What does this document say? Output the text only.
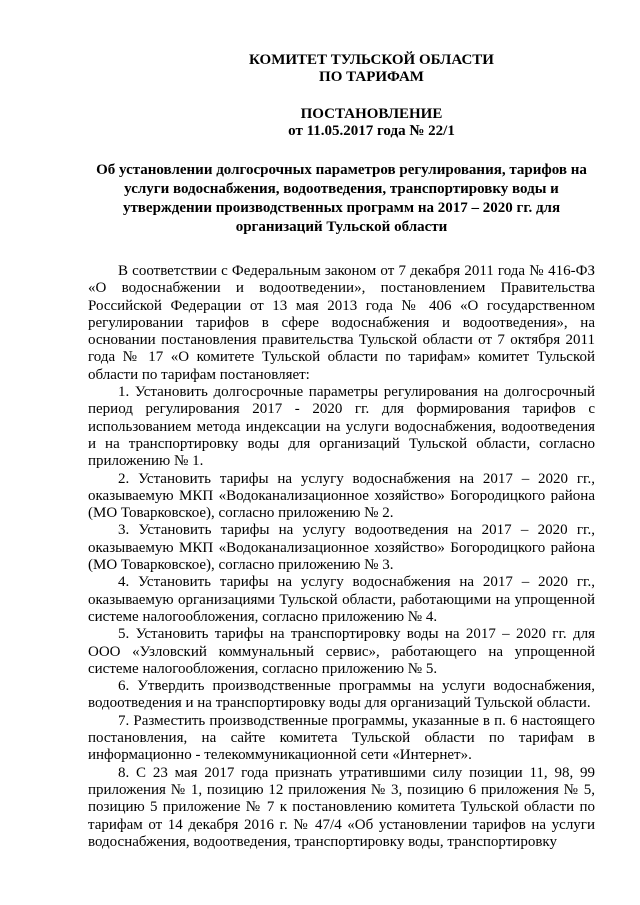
КОМИТЕТ ТУЛЬСКОЙ ОБЛАСТИ
ПО ТАРИФАМ
ПОСТАНОВЛЕНИЕ
от 11.05.2017 года № 22/1
Об установлении долгосрочных параметров регулирования, тарифов на услуги водоснабжения, водоотведения, транспортировку воды и утверждении производственных программ на 2017 – 2020 гг. для организаций Тульской области

В соответствии с Федеральным законом от 7 декабря 2011 года № 416-ФЗ «О водоснабжении и водоотведении», постановлением Правительства Российской Федерации от 13 мая 2013 года № 406 «О государственном регулировании тарифов в сфере водоснабжения и водоотведения», на основании постановления правительства Тульской области от 7 октября 2011 года № 17 «О комитете Тульской области по тарифам» комитет Тульской области по тарифам постановляет:

1. Установить долгосрочные параметры регулирования на долгосрочный период регулирования 2017 - 2020 гг. для формирования тарифов с использованием метода индексации на услуги водоснабжения, водоотведения и на транспортировку воды для организаций Тульской области, согласно приложению № 1.

2. Установить тарифы на услугу водоснабжения на 2017 – 2020 гг., оказываемую МКП «Водоканализационное хозяйство» Богородицкого района (МО Товарковское), согласно приложению № 2.

3. Установить тарифы на услугу водоотведения на 2017 – 2020 гг., оказываемую МКП «Водоканализационное хозяйство» Богородицкого района (МО Товарковское), согласно приложению № 3.

4. Установить тарифы на услугу водоснабжения на 2017 – 2020 гг., оказываемую организациями Тульской области, работающими на упрощенной системе налогообложения, согласно приложению № 4.

5. Установить тарифы на транспортировку воды на 2017 – 2020 гг. для ООО «Узловский коммунальный сервис», работающего на упрощенной системе налогообложения, согласно приложению № 5.

6. Утвердить производственные программы на услуги водоснабжения, водоотведения и на транспортировку воды для организаций Тульской области.

7. Разместить производственные программы, указанные в п. 6 настоящего постановления, на сайте комитета Тульской области по тарифам в информационно - телекоммуникационной сети «Интернет».

8. С 23 мая 2017 года признать утратившими силу позиции 11, 98, 99 приложения № 1, позицию 12 приложения № 3, позицию 6 приложения № 5, позицию 5 приложение № 7 к постановлению комитета Тульской области по тарифам от 14 декабря 2016 г. № 47/4 «Об установлении тарифов на услуги водоснабжения, водоотведения, транспортировку воды, транспортировку
